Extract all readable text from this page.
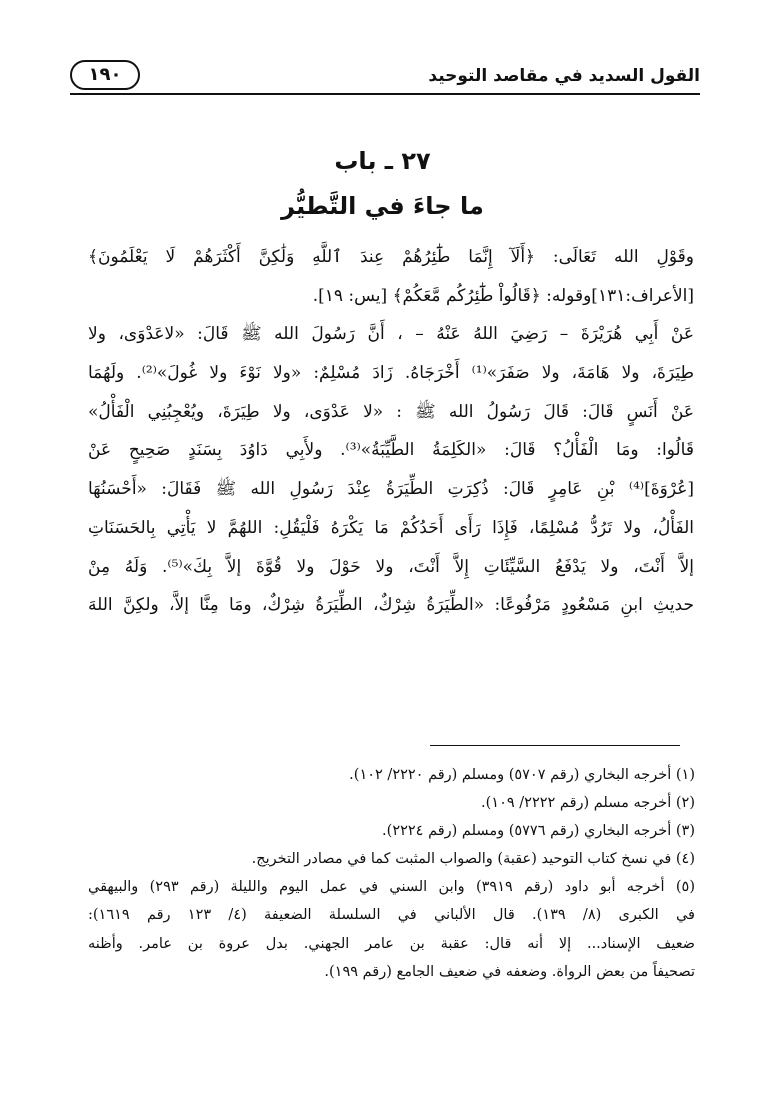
القول السديد في مقاصد التوحيد
١٩٠
٢٧ ـ باب
ما جاءَ في التَّطيُّر
وقَوْلِ الله تَعَالَى: ﴿أَلَآ إِنَّمَا طَٰٓئِرُهُمْ عِندَ ٱللَّهِ وَلَٰكِنَّ أَكْثَرَهُمْ لَا يَعْلَمُونَ﴾
[الأعراف:١٣١]وقوله: ﴿قَالُواْ طَٰٓئِرُكُم مَّعَكُمْ﴾ [يس: ١٩].
عَنْ أَبِي هُرَيْرَةَ – رَضِيَ اللهُ عَنْهُ – ، أَنَّ رَسُولَ الله ﷺ قَالَ: «لاعَدْوَى، ولا
طِيَرَةَ، ولا هَامَةَ، ولا صَفَرَ»⁽¹⁾ أَخْرَجَاهُ. زَادَ مُسْلِمٌ: «ولا نَوْءَ ولا غُولَ»⁽²⁾. ولَهُمَا
عَنْ أَنَسٍ قَالَ: قَالَ رَسُولُ الله ﷺ : «لا عَدْوَى، ولا طِيَرَةَ، ويُعْجِبُنِي الْفَأْلُ»
قَالُوا: ومَا الْفَأْلُ؟ قَالَ: «الكَلِمَةُ الطَّيِّبَةُ»⁽³⁾. ولأَبِي دَاوُدَ بِسَنَدٍ صَحِيحٍ عَنْ
[عُرْوَةَ]⁽⁴⁾ بْنِ عَامِرٍ قَالَ: ذُكِرَتِ الطِّيَرَةُ عِنْدَ رَسُولِ الله ﷺ فَقَالَ: «أَحْسَنُهَا
الفَأْلُ، ولا تَرُدُّ مُسْلِمًا، فَإِذَا رَأَى أَحَدُكُمْ مَا يَكْرَهُ فَلْيَقُلِ: اللهُمَّ لا يَأْتِي بِالحَسَنَاتِ
إلاَّ أَنْتَ، ولا يَدْفَعُ السَّيِّئَاتِ إِلاَّ أَنْتَ، ولا حَوْلَ ولا قُوَّةَ إلاَّ بِكَ»⁽⁵⁾. وَلَهُ مِنْ
حديثِ ابنِ مَسْعُودٍ مَرْفُوعًا: «الطِّيَرَةُ شِرْكٌ، الطِّيَرَةُ شِرْكٌ، ومَا مِنَّا إلاَّ، ولكِنَّ اللهَ
(١) أخرجه البخاري (رقم ٥٧٠٧) ومسلم (رقم ٢٢٢٠/ ١٠٢).
(٢) أخرجه مسلم (رقم ٢٢٢٢/ ١٠٩).
(٣) أخرجه البخاري (رقم ٥٧٧٦) ومسلم (رقم ٢٢٢٤).
(٤) في نسخ كتاب التوحيد (عقبة) والصواب المثبت كما في مصادر التخريج.
(٥) أخرجه أبو داود (رقم ٣٩١٩) وابن السني في عمل اليوم والليلة (رقم ٢٩٣) والبيهقي
في الكبرى (٨/ ١٣٩). قال الألباني في السلسلة الضعيفة (٤/ ١٢٣ رقم ١٦١٩):
ضعيف الإسناد... إلا أنه قال: عقبة بن عامر الجهني. بدل عروة بن عامر. وأظنه
تصحيفاً من بعض الرواة. وضعفه في ضعيف الجامع (رقم ١٩٩).
